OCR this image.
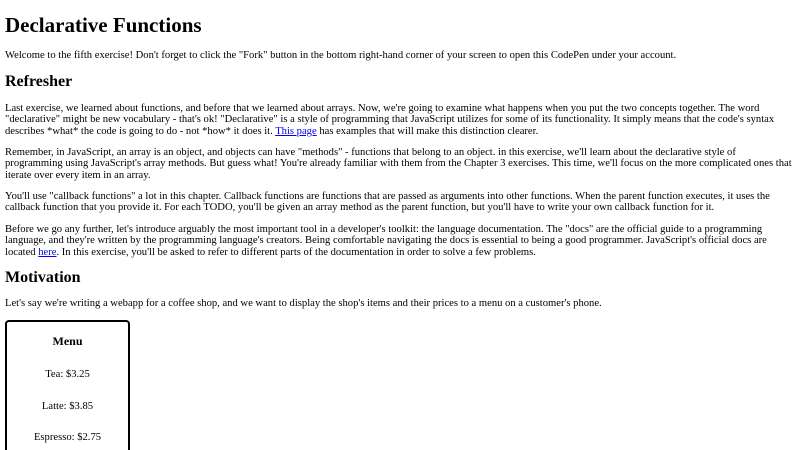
Declarative Functions

Welcome to the fifth exercise! Don't forget to click the "Fork" button in the bottom right-hand corner of your screen to open this CodePen under your account.

Refresher

Last exercise, we learned about functions, and before that we learned about arrays. Now, we're going to examine what happens when you put the two concepts together. The word "declarative" might be new vocabulary - that's ok! "Declarative" is a style of programming that JavaScript utilizes for some of its functionality. It simply means that the code's syntax describes *what* the code is going to do - not *how* it does it. This page has examples that will make this distinction clearer.

Remember, in JavaScript, an array is an object, and objects can have "methods" - functions that belong to an object. in this exercise, we'll learn about the declarative style of programming using JavaScript's array methods. But guess what! You're already familiar with them from the Chapter 3 exercises. This time, we'll focus on the more complicated ones that iterate over every item in an array.

You'll use "callback functions" a lot in this chapter. Callback functions are functions that are passed as arguments into other functions. When the parent function executes, it uses the callback function that you provide it. For each TODO, you'll be given an array method as the parent function, but you'll have to write your own callback function for it.

Before we go any further, let's introduce arguably the most important tool in a developer's toolkit: the language documentation. The "docs" are the official guide to a programming language, and they're written by the programming language's creators. Being comfortable navigating the docs is essential to being a good programmer. JavaScript's official docs are located here. In this exercise, you'll be asked to refer to different parts of the documentation in order to solve a few problems.

Motivation

Let's say we're writing a webapp for a coffee shop, and we want to display the shop's items and their prices to a menu on a customer's phone.

Menu
Tea: $3.25
Latte: $3.85
Espresso: $2.75
